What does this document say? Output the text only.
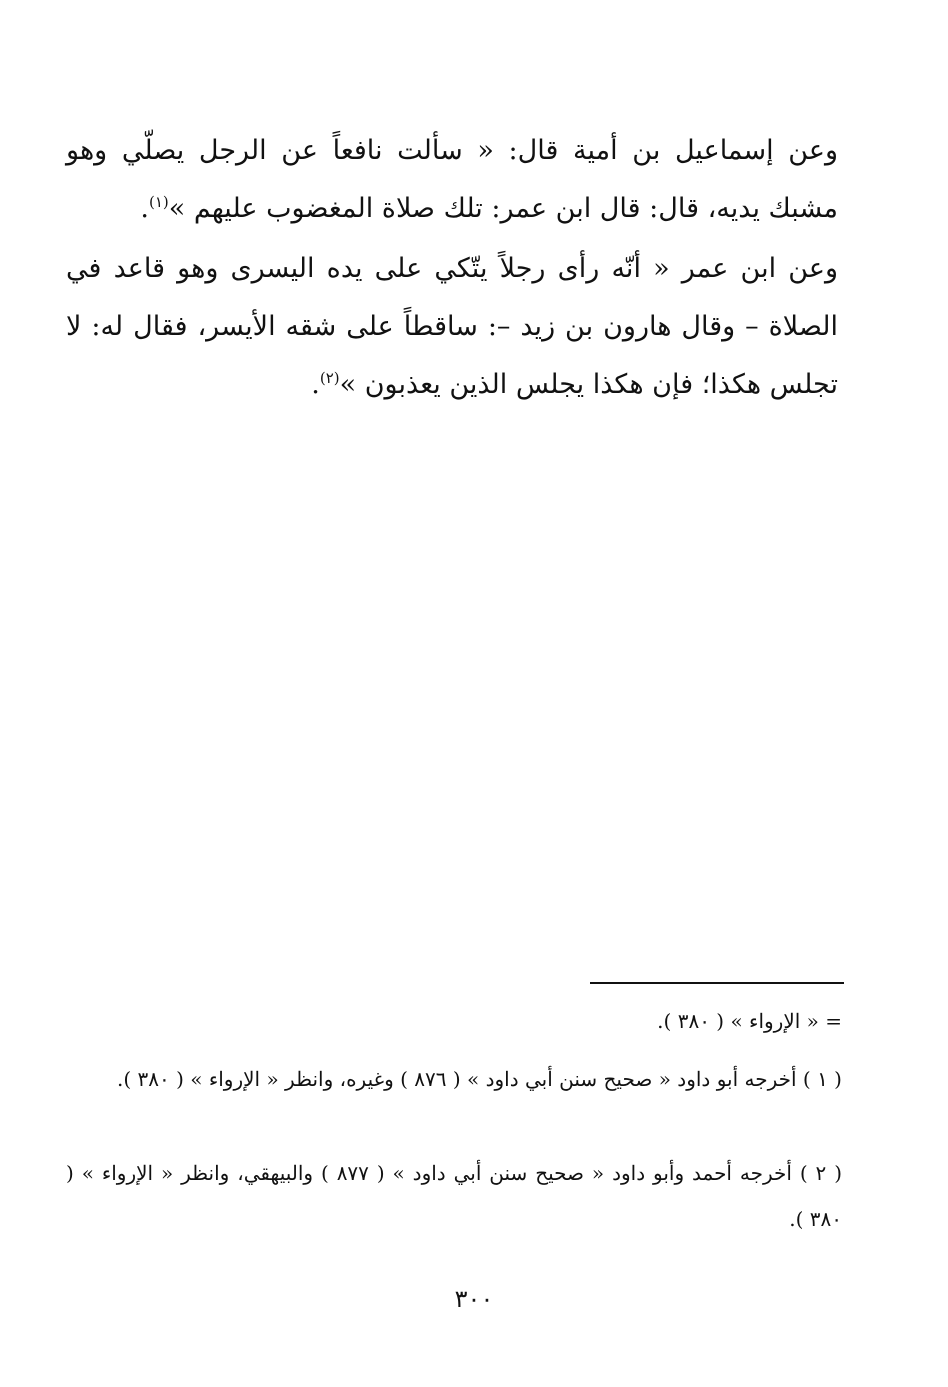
وعن إسماعيل بن أمية قال: « سألت نافعاً عن الرجل يصلّي وهو مشبك يديه، قال: قال ابن عمر: تلك صلاة المغضوب عليهم »$^{(١)}$.

وعن ابن عمر « أنّه رأى رجلاً يتّكي على يده اليسرى وهو قاعد في الصلاة – وقال هارون بن زيد –: ساقطاً على شقه الأيسر، فقال له: لا تجلس هكذا؛ فإن هكذا يجلس الذين يعذبون »$^{(٢)}$.

= « الإرواء » ( ٣٨٠ ).

( ١ ) أخرجه أبو داود « صحيح سنن أبي داود » ( ٨٧٦ ) وغيره، وانظر « الإرواء » ( ٣٨٠ ).

( ٢ ) أخرجه أحمد وأبو داود « صحيح سنن أبي داود » ( ٨٧٧ ) والبيهقي، وانظر « الإرواء » ( ٣٨٠ ).

٣٠٠
